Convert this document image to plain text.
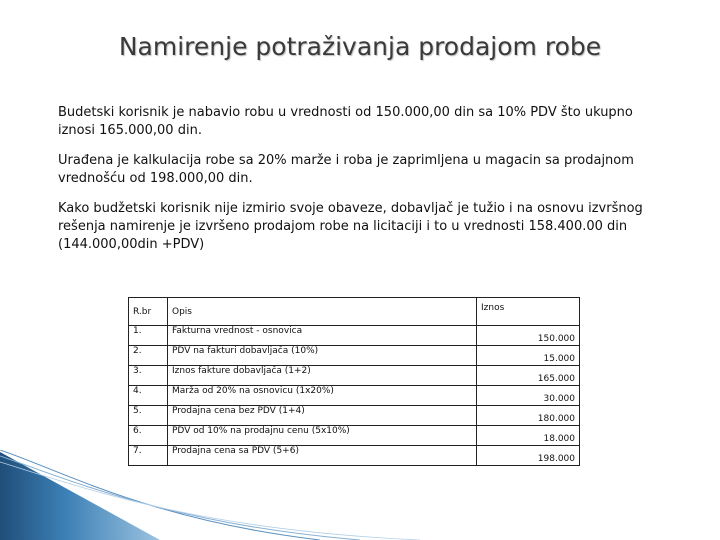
Namirenje potraživanja prodajom robe

Budetski korisnik je nabavio robu u vrednosti od 150.000,00 din sa 10% PDV što ukupno iznosi 165.000,00 din.

Urađena je kalkulacija robe sa 20% marže i roba je zaprimljena u magacin sa prodajnom vrednošću od 198.000,00 din.

Kako budžetski korisnik nije izmirio svoje obaveze, dobavljač je tužio i na osnovu izvršnog rešenja namirenje je izvršeno prodajom robe na licitaciji i to u vrednosti 158.400.00 din (144.000,00din +PDV)

R.br	Opis	Iznos
1.	Fakturna vrednost - osnovica	150.000
2.	PDV na fakturi dobavljača (10%)	15.000
3.	Iznos fakture dobavljača (1+2)	165.000
4.	Marža od 20% na osnovicu (1x20%)	30.000
5.	Prodajna cena bez PDV (1+4)	180.000
6.	PDV od 10% na prodajnu cenu (5x10%)	18.000
7.	Prodajna cena sa PDV (5+6)	198.000
